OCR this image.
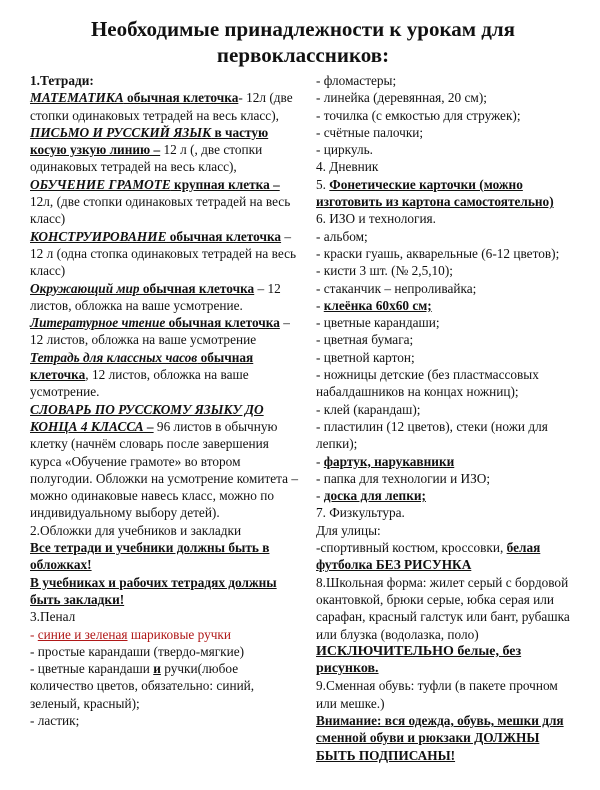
Необходимые принадлежности к урокам для
первоклассников:

1.Тетради:

МАТЕМАТИКА обычная клеточка- 12л (две стопки одинаковых тетрадей на весь класс),

ПИСЬМО И РУССКИЙ ЯЗЫК в частую косую узкую линию – 12 л (, две стопки одинаковых тетрадей на весь класс),

ОБУЧЕНИЕ ГРАМОТЕ крупная клетка – 12л, (две стопки одинаковых тетрадей на весь класс)

КОНСТРУИРОВАНИЕ обычная клеточка – 12 л (одна стопка одинаковых тетрадей на весь класс)

Окружающий мир обычная клеточка – 12 листов, обложка на ваше усмотрение.

Литературное чтение обычная клеточка – 12 листов, обложка на ваше усмотрение

Тетрадь для классных часов обычная клеточка, 12 листов, обложка на ваше усмотрение.

СЛОВАРЬ ПО РУССКОМУ ЯЗЫКУ ДО КОНЦА 4 КЛАССА – 96 листов в обычную клетку (начнём словарь после завершения курса «Обучение грамоте» во втором полугодии. Обложки на усмотрение комитета – можно одинаковые навесь класс, можно по индивидуальному выбору детей).

2.Обложки для учебников и закладки

Все тетради и учебники должны быть в обложках!

В учебниках и рабочих тетрадях должны быть закладки!

3.Пенал

- синие и зеленая шариковые ручки

- простые карандаши (твердо-мягкие)

- цветные карандаши и ручки(любое количество цветов, обязательно: синий, зеленый, красный);

- ластик;

- фломастеры;

- линейка (деревянная, 20 см);

- точилка (с емкостью для стружек);

- счётные палочки;

- циркуль.

4. Дневник

5. Фонетические карточки (можно изготовить из картона самостоятельно)

6. ИЗО и технология.

- альбом;

- краски гуашь, акварельные (6-12 цветов);

- кисти 3 шт. (№ 2,5,10);

- стаканчик – непроливайка;

- клеёнка 60х60 см;

- цветные карандаши;

- цветная бумага;

- цветной картон;

- ножницы детские (без пластмассовых набалдашников на концах ножниц);

- клей (карандаш);

- пластилин (12 цветов), стеки (ножи для лепки);

- фартук, нарукавники

- папка для технологии и ИЗО;

- доска для лепки;

7. Физкультура.

Для улицы:

-спортивный костюм, кроссовки, белая футболка БЕЗ РИСУНКА

8.Школьная форма: жилет серый с бордовой окантовкой, брюки серые, юбка серая или сарафан, красный галстук или бант, рубашка или блузка (водолазка, поло)

ИСКЛЮЧИТЕЛЬНО белые, без рисунков.

9.Сменная обувь: туфли (в пакете прочном или мешке.)

Внимание: вся одежда, обувь, мешки для сменной обуви и рюкзаки ДОЛЖНЫ БЫТЬ ПОДПИСАНЫ!
